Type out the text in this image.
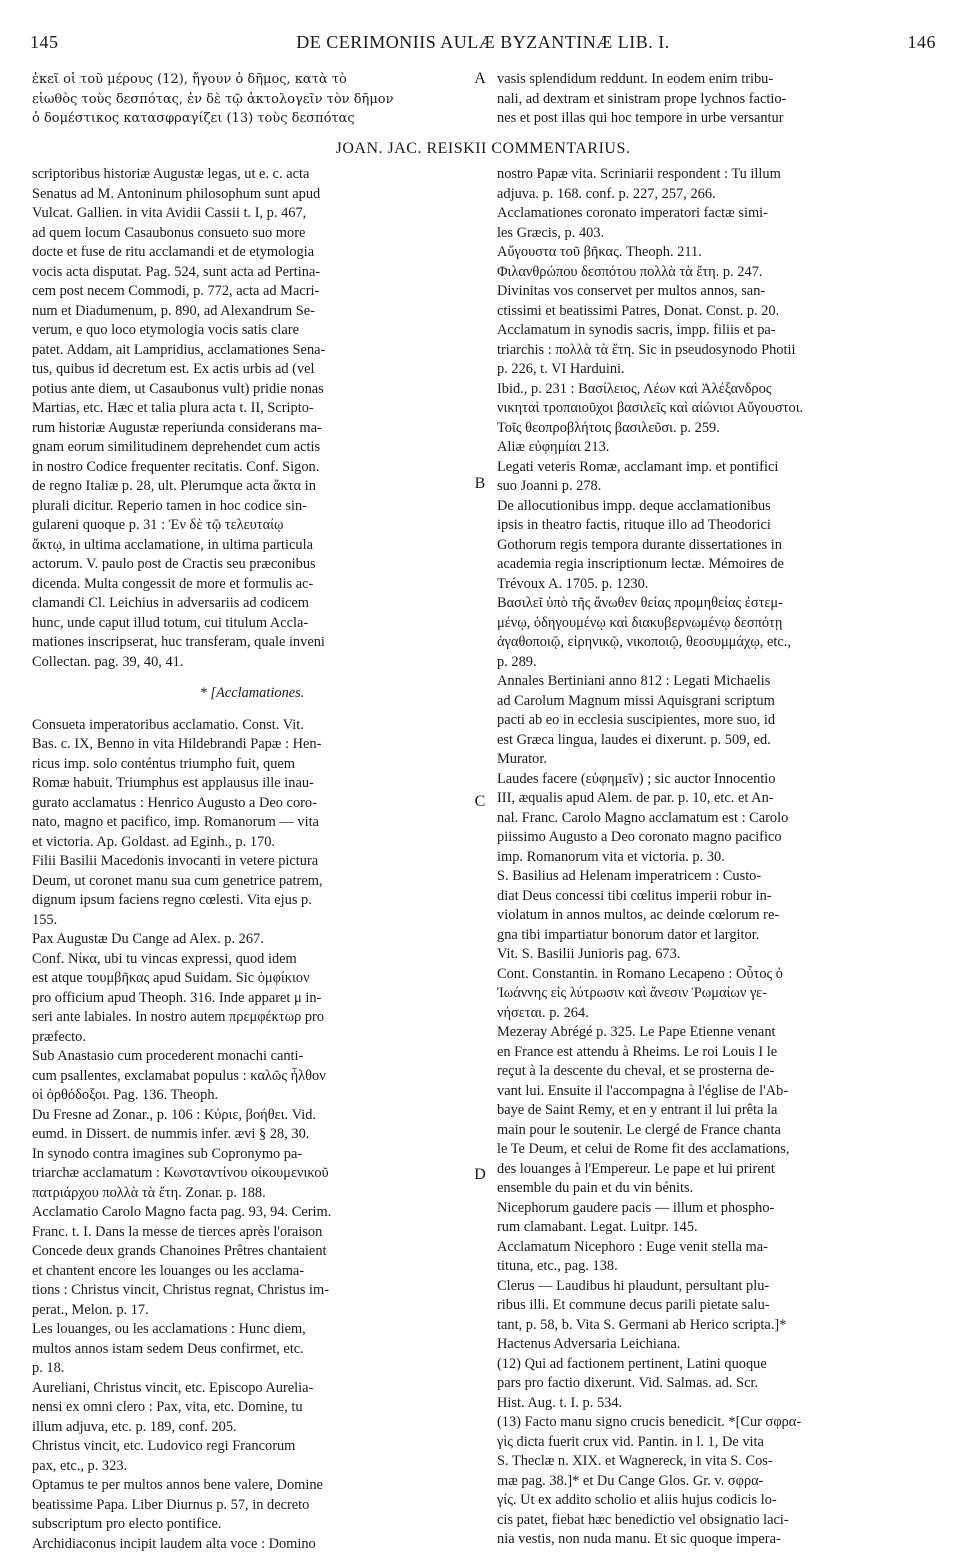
145	DE CERIMONIIS AULÆ BYZANTINÆ LIB. I.	146
ἐκεῖ οἱ τοῦ μέρους (12), ἤγουν ὁ δῆμος, κατὰ τὸ
εἰωθὸς τοὺς δεσπότας, ἐν δὲ τῷ ἀκτολογεῖν τὸν δῆμον
ὁ δομέστικος κατασφραγίζει (13) τοὺς δεσπότας
vasis splendidum reddunt. In eodem enim tribu-
nali, ad dextram et sinistram prope lychnos factio-
nes et post illas qui hoc tempore in urbe versantur
A
JOAN. JAC. REISKII COMMENTARIUS.
scriptoribus historiæ Augustæ legas, ut e. c. acta
Senatus ad M. Antoninum philosophum sunt apud
Vulcat. Gallien. in vita Avidii Cassii t. I, p. 467,
ad quem locum Casaubonus consueto suo more
docte et fuse de ritu acclamandi et de etymologia
vocis acta disputat. Pag. 524, sunt acta ad Pertina-
cem post necem Commodi, p. 772, acta ad Macri-
num et Diadumenum, p. 890, ad Alexandrum Se-
verum, e quo loco etymologia vocis satis clare
patet. Addam, ait Lampridius, acclamationes Sena-
tus, quibus id decretum est. Ex actis urbis ad (vel
potius ante diem, ut Casaubonus vult) pridie nonas
Martias, etc. Hæc et talia plura acta t. II, Scripto-
rum historiæ Augustæ reperiunda considerans ma-
gnam eorum similitudinem deprehendet cum actis
in nostro Codice frequenter recitatis. Conf. Sigon.
de regno Italiæ p. 28, ult. Plerumque acta ἄκτα in
plurali dicitur. Reperio tamen in hoc codice sin-
gulareni quoque p. 31 : Ἐν δὲ τῷ τελευταίῳ
ἄκτῳ, in ultima acclamatione, in ultima particula
actorum. V. paulo post de Cractis seu præconibus
dicenda. Multa congessit de more et formulis ac-
clamandi Cl. Leichius in adversariis ad codicem
hunc, unde caput illud totum, cui titulum Accla-
mationes inscripserat, huc transferam, quale inveni
Collectan. pag. 39, 40, 41.
* [Acclamationes.
Consueta imperatoribus acclamatio. Const. Vit.
Bas. c. IX, Benno in vita Hildebrandi Papæ : Hen-
ricus imp. solo conténtus triumpho fuit, quem
Romæ habuit. Triumphus est applausus ille inau-
gurato acclamatus : Henrico Augusto a Deo coro-
nato, magno et pacifico, imp. Romanorum — vita
et victoria. Ap. Goldast. ad Eginh., p. 170.
Filii Basilii Macedonis invocanti in vetere pictura
Deum, ut coronet manu sua cum genetrice patrem,
dignum ipsum faciens regno cœlesti. Vita ejus p.
155.
Pax Augustæ Du Cange ad Alex. p. 267.
Conf. Νίκα, ubi tu vincas expressi, quod idem
est atque τουμβῆκας apud Suidam. Sic ὀμφίκιον
pro officium apud Theoph. 316. Inde apparet μ in-
seri ante labiales. In nostro autem πρεμφέκτωρ pro
præfecto.
Sub Anastasio cum procederent monachi canti-
cum psallentes, exclamabat populus : καλῶς ἦλθον
οἱ ὀρθόδοξοι. Pag. 136. Theoph.
Du Fresne ad Zonar., p. 106 : Κύριε, βοήθει. Vid.
eumd. in Dissert. de nummis infer. ævi § 28, 30.
In synodo contra imagines sub Copronymo pa-
triarchæ acclamatum : Κωνσταντίνου οἰκουμενικοῦ
πατριάρχου πολλὰ τὰ ἔτη. Zonar. p. 188.
Acclamatio Carolo Magno facta pag. 93, 94. Cerim.
Franc. t. I. Dans la messe de tierces après l'oraison
Concede deux grands Chanoines Prêtres chantaient
et chantent encore les louanges ou les acclama-
tions : Christus vincit, Christus regnat, Christus im-
perat., Melon. p. 17.
Les louanges, ou les acclamations : Hunc diem,
multos annos istam sedem Deus confirmet, etc.
p. 18.
Aureliani, Christus vincit, etc. Episcopo Aurelia-
nensi ex omni clero : Pax, vita, etc. Domine, tu
illum adjuva, etc. p. 189, conf. 205.
Christus vincit, etc. Ludovico regi Francorum
pax, etc., p. 323.
Optamus te per multos annos bene valere, Domine
beatissime Papa. Liber Diurnus p. 57, in decreto
subscriptum pro electo pontifice.
Archidiaconus incipit laudem alta voce : Domino
nostro Papæ vita. Scriniarii respondent : Tu illum
adjuva. p. 168. conf. p. 227, 257, 266.
Acclamationes coronato imperatori factæ simi-
les Græcis, p. 403.
Αὔγουστα τοῦ βῆκας. Theoph. 211.
Φιλανθρώπου δεσπότου πολλὰ τὰ ἔτη. p. 247.
Divinitas vos conservet per multos annos, san-
ctissimi et beatissimi Patres, Donat. Const. p. 20.
Acclamatum in synodis sacris, impp. filiis et pa-
triarchis : πολλὰ τὰ ἔτη. Sic in pseudosynodo Photii
p. 226, t. VI Harduini.
Ibid., p. 231 : Βασίλειος, Λέων καὶ Ἀλέξανδρος
νικηταὶ τροπαιοῦχοι βασιλεῖς καὶ αἰώνιοι Αὔγουστοι.
Τοῖς θεοπροβλήτοις βασιλεῦσι. p. 259.
Aliæ εὐφημίαι 213.
Legati veteris Romæ, acclamant imp. et pontifici
suo Joanni p. 278.
De allocutionibus impp. deque acclamationibus
ipsis in theatro factis, rituque illo ad Theodorici
Gothorum regis tempora durante dissertationes in
academia regia inscriptionum lectæ. Mémoires de
Trévoux A. 1705. p. 1230.
Βασιλεῖ ὑπὸ τῆς ἄνωθεν θείας προμηθείας ἐστεμ-
μένῳ, ὁδηγουμένῳ καὶ διακυβερνωμένῳ δεσπότῃ
ἀγαθοποιῷ, εἰρηνικῷ, νικοποιῷ, θεοσυμμάχῳ, etc.,
p. 289.
Annales Bertiniani anno 812 : Legati Michaelis
ad Carolum Magnum missi Aquisgrani scriptum
pacti ab eo in ecclesia suscipientes, more suo, id
est Græca lingua, laudes ei dixerunt. p. 509, ed.
Murator.
Laudes facere (εὐφημεῖν) ; sic auctor Innocentio
III, æqualis apud Alem. de par. p. 10, etc. et An-
nal. Franc. Carolo Magno acclamatum est : Carolo
piissimo Augusto a Deo coronato magno pacifico
imp. Romanorum vita et victoria. p. 30.
S. Basilius ad Helenam imperatricem : Custo-
diat Deus concessi tibi cœlitus imperii robur in-
violatum in annos multos, ac deinde cœlorum re-
gna tibi impartiatur bonorum dator et largitor.
Vit. S. Basilii Junioris pag. 673.
Cont. Constantin. in Romano Lecapeno : Οὗτος ὁ
Ἰωάννης εἰς λύτρωσιν καὶ ἄνεσιν Ῥωμαίων γε-
νήσεται. p. 264.
Mezeray Abrégé p. 325. Le Pape Etienne venant
en France est attendu à Rheims. Le roi Louis I le
reçut à la descente du cheval, et se prosterna de-
vant lui. Ensuite il l'accompagna à l'église de l'Ab-
baye de Saint Remy, et en y entrant il lui prêta la
main pour le soutenir. Le clergé de France chanta
le Te Deum, et celui de Rome fit des acclamations,
des louanges à l'Empereur. Le pape et lui prirent
ensemble du pain et du vin bénits.
Nicephorum gaudere pacis — illum et phospho-
rum clamabant. Legat. Luitpr. 145.
Acclamatum Nicephoro : Euge venit stella ma-
tituna, etc., pag. 138.
Clerus — Laudibus hi plaudunt, persultant plu-
ribus illi. Et commune decus parili pietate salu-
tant, p. 58, b. Vita S. Germani ab Herico scripta.]*
Hactenus Adversaria Leichiana.
(12) Qui ad factionem pertinent, Latini quoque
pars pro factio dixerunt. Vid. Salmas. ad. Scr.
Hist. Aug. t. I. p. 534.
(13) Facto manu signo crucis benedicit. *[Cur σφρα-
γὶς dicta fuerit crux vid. Pantin. in l. 1, De vita
S. Theclæ n. XIX. et Wagnereck, in vita S. Cos-
mæ pag. 38.]* et Du Cange Glos. Gr. v. σφρα-
γίς. Ut ex addito scholio et aliis hujus codicis lo-
cis patet, fiebat hæc benedictio vel obsignatio laci-
nia vestis, non nuda manu. Et sic quoque impera-
B
C
D
